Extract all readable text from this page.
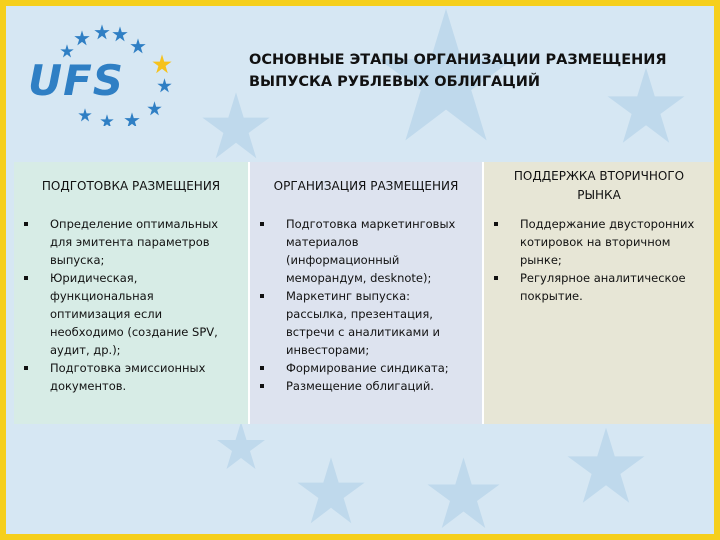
UFS	ОСНОВНЫЕ ЭТАПЫ ОРГАНИЗАЦИИ РАЗМЕЩЕНИЯ
ВЫПУСКА РУБЛЕВЫХ ОБЛИГАЦИЙ
ПОДГОТОВКА РАЗМЕЩЕНИЯ
Определение оптимальных
для эмитента параметров
выпуска;
Юридическая,
функциональная
оптимизация если
необходимо (создание SPV,
аудит, др.);
Подготовка эмиссионных
документов.
ОРГАНИЗАЦИЯ РАЗМЕЩЕНИЯ
Подготовка маркетинговых
материалов
(информационный
меморандум, desknote);
Маркетинг выпуска:
рассылка, презентация,
встречи с аналитиками и
инвесторами;
Формирование синдиката;
Размещение облигаций.
ПОДДЕРЖКА ВТОРИЧНОГО
РЫНКА
Поддержание двусторонних
котировок на вторичном
рынке;
Регулярное аналитическое
покрытие.
